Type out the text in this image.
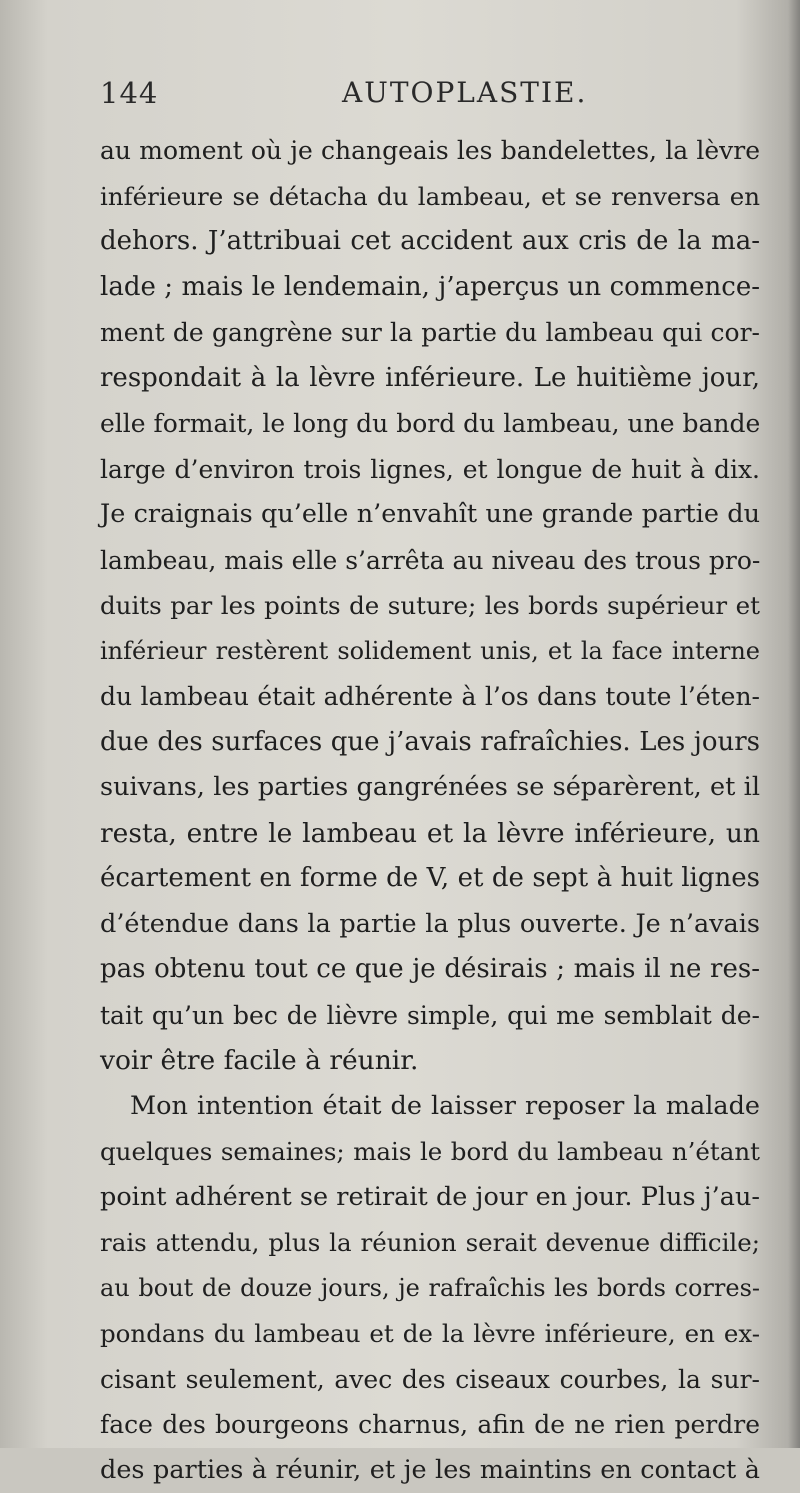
144	AUTOPLASTIE.
au moment où je changeais les bandelettes, la lèvre
inférieure se détacha du lambeau, et se renversa en
dehors. J’attribuai cet accident aux cris de la ma-
lade ; mais le lendemain, j’aperçus un commence-
ment de gangrène sur la partie du lambeau qui cor-
respondait à la lèvre inférieure. Le huitième jour,
elle formait, le long du bord du lambeau, une bande
large d’environ trois lignes, et longue de huit à dix.
Je craignais qu’elle n’envahît une grande partie du
lambeau, mais elle s’arrêta au niveau des trous pro-
duits par les points de suture; les bords supérieur et
inférieur restèrent solidement unis, et la face interne
du lambeau était adhérente à l’os dans toute l’éten-
due des surfaces que j’avais rafraîchies. Les jours
suivans, les parties gangrénées se séparèrent, et il
resta, entre le lambeau et la lèvre inférieure, un
écartement en forme de V, et de sept à huit lignes
d’étendue dans la partie la plus ouverte. Je n’avais
pas obtenu tout ce que je désirais ; mais il ne res-
tait qu’un bec de lièvre simple, qui me semblait de-
voir être facile à réunir.
Mon intention était de laisser reposer la malade
quelques semaines; mais le bord du lambeau n’étant
point adhérent se retirait de jour en jour. Plus j’au-
rais attendu, plus la réunion serait devenue difficile;
au bout de douze jours, je rafraîchis les bords corres-
pondans du lambeau et de la lèvre inférieure, en ex-
cisant seulement, avec des ciseaux courbes, la sur-
face des bourgeons charnus, afin de ne rien perdre
des parties à réunir, et je les maintins en contact à
